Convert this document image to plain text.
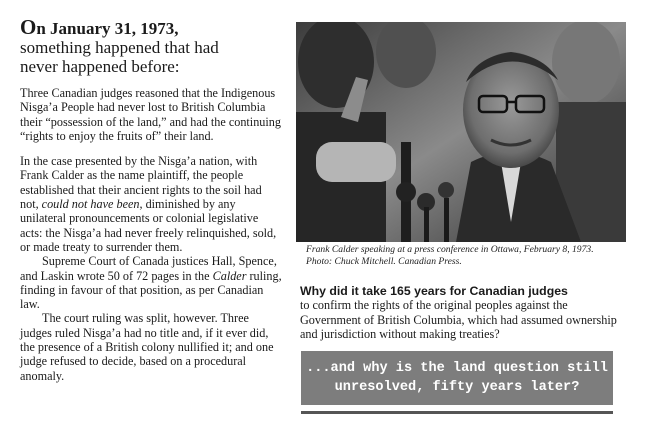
On January 31, 1973,
something happened that had
never happened before:

Three Canadian judges reasoned that the Indigenous Nisga’a People had never lost to British Columbia their “possession of the land,” and had the continuing “rights to enjoy the fruits of” their land.

In the case presented by the Nisga’a nation, with Frank Calder as the name plaintiff, the people established that their ancient rights to the soil had not, could not have been, diminished by any unilateral pronouncements or colonial legislative acts: the Nisga’a had never freely relinquished, sold, or made treaty to surrender them.

Supreme Court of Canada justices Hall, Spence, and Laskin wrote 50 of 72 pages in the Calder ruling, finding in favour of that position, as per Canadian law.

The court ruling was split, however. Three judges ruled Nisga’a had no title and, if it ever did, the presence of a British colony nullified it; and one judge refused to decide, based on a procedural anomaly.

Frank Calder speaking at a press conference in Ottawa, February 8, 1973.
Photo: Chuck Mitchell. Canadian Press.
Why did it take 165 years for Canadian judges
to confirm the rights of the original peoples against the Government of British Columbia, which had assumed ownership and jurisdiction without making treaties?
...and why is the land question still
unresolved, fifty years later?
